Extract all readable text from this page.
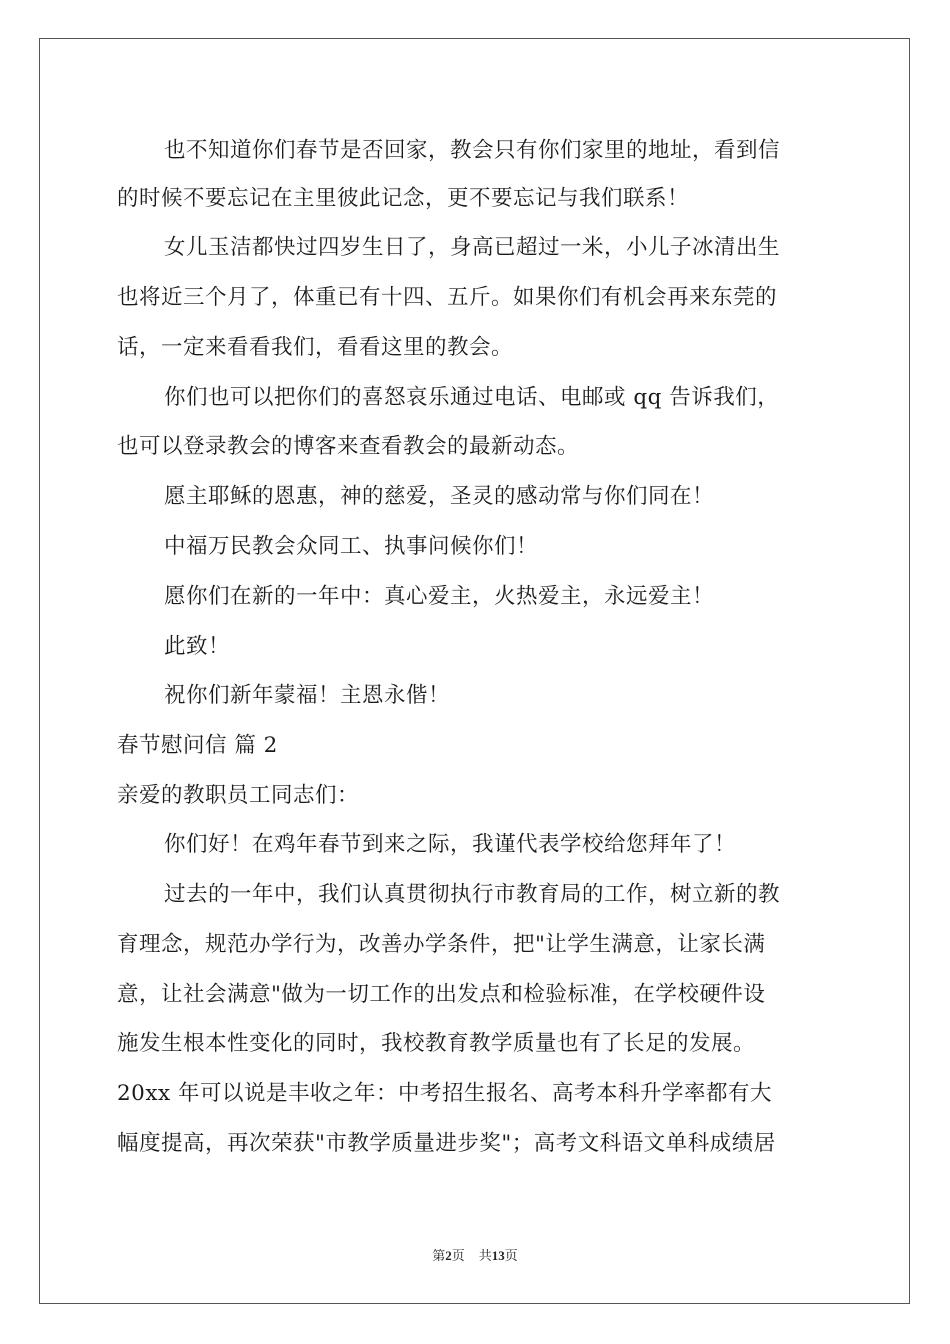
也不知道你们春节是否回家，教会只有你们家里的地址，看到信
的时候不要忘记在主里彼此记念，更不要忘记与我们联系！
女儿玉洁都快过四岁生日了，身高已超过一米，小儿子冰清出生
也将近三个月了，体重已有十四、五斤。如果你们有机会再来东莞的
话，一定来看看我们，看看这里的教会。
你们也可以把你们的喜怒哀乐通过电话、电邮或 qq 告诉我们，
也可以登录教会的博客来查看教会的最新动态。
愿主耶稣的恩惠，神的慈爱，圣灵的感动常与你们同在！
中福万民教会众同工、执事问候你们！
愿你们在新的一年中：真心爱主，火热爱主，永远爱主！
此致！
祝你们新年蒙福！主恩永偕！
春节慰问信 篇 2
亲爱的教职员工同志们：
你们好！在鸡年春节到来之际，我谨代表学校给您拜年了！
过去的一年中，我们认真贯彻执行市教育局的工作，树立新的教
育理念，规范办学行为，改善办学条件，把"让学生满意，让家长满
意，让社会满意"做为一切工作的出发点和检验标准，在学校硬件设
施发生根本性变化的同时，我校教育教学质量也有了长足的发展。
20xx 年可以说是丰收之年：中考招生报名、高考本科升学率都有大
幅度提高，再次荣获"市教学质量进步奖"；高考文科语文单科成绩居
第2页 共13页
